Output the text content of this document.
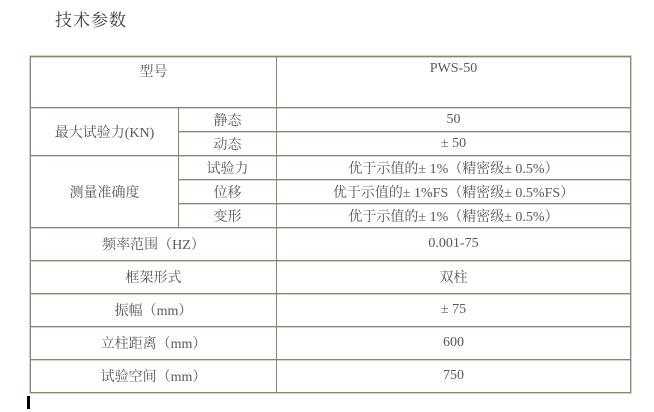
技术参数
型号		PWS-50
最大试验力(KN)	静态	50
	动态	± 50
测量准确度	试验力	优于示值的± 1%（精密级± 0.5%）
	位移	优于示值的± 1%FS（精密级± 0.5%FS）
	变形	优于示值的± 1%（精密级± 0.5%）
频率范围（HZ）		0.001-75
框架形式		双柱
振幅（mm）		± 75
立柱距离（mm）		600
试验空间（mm）		750
